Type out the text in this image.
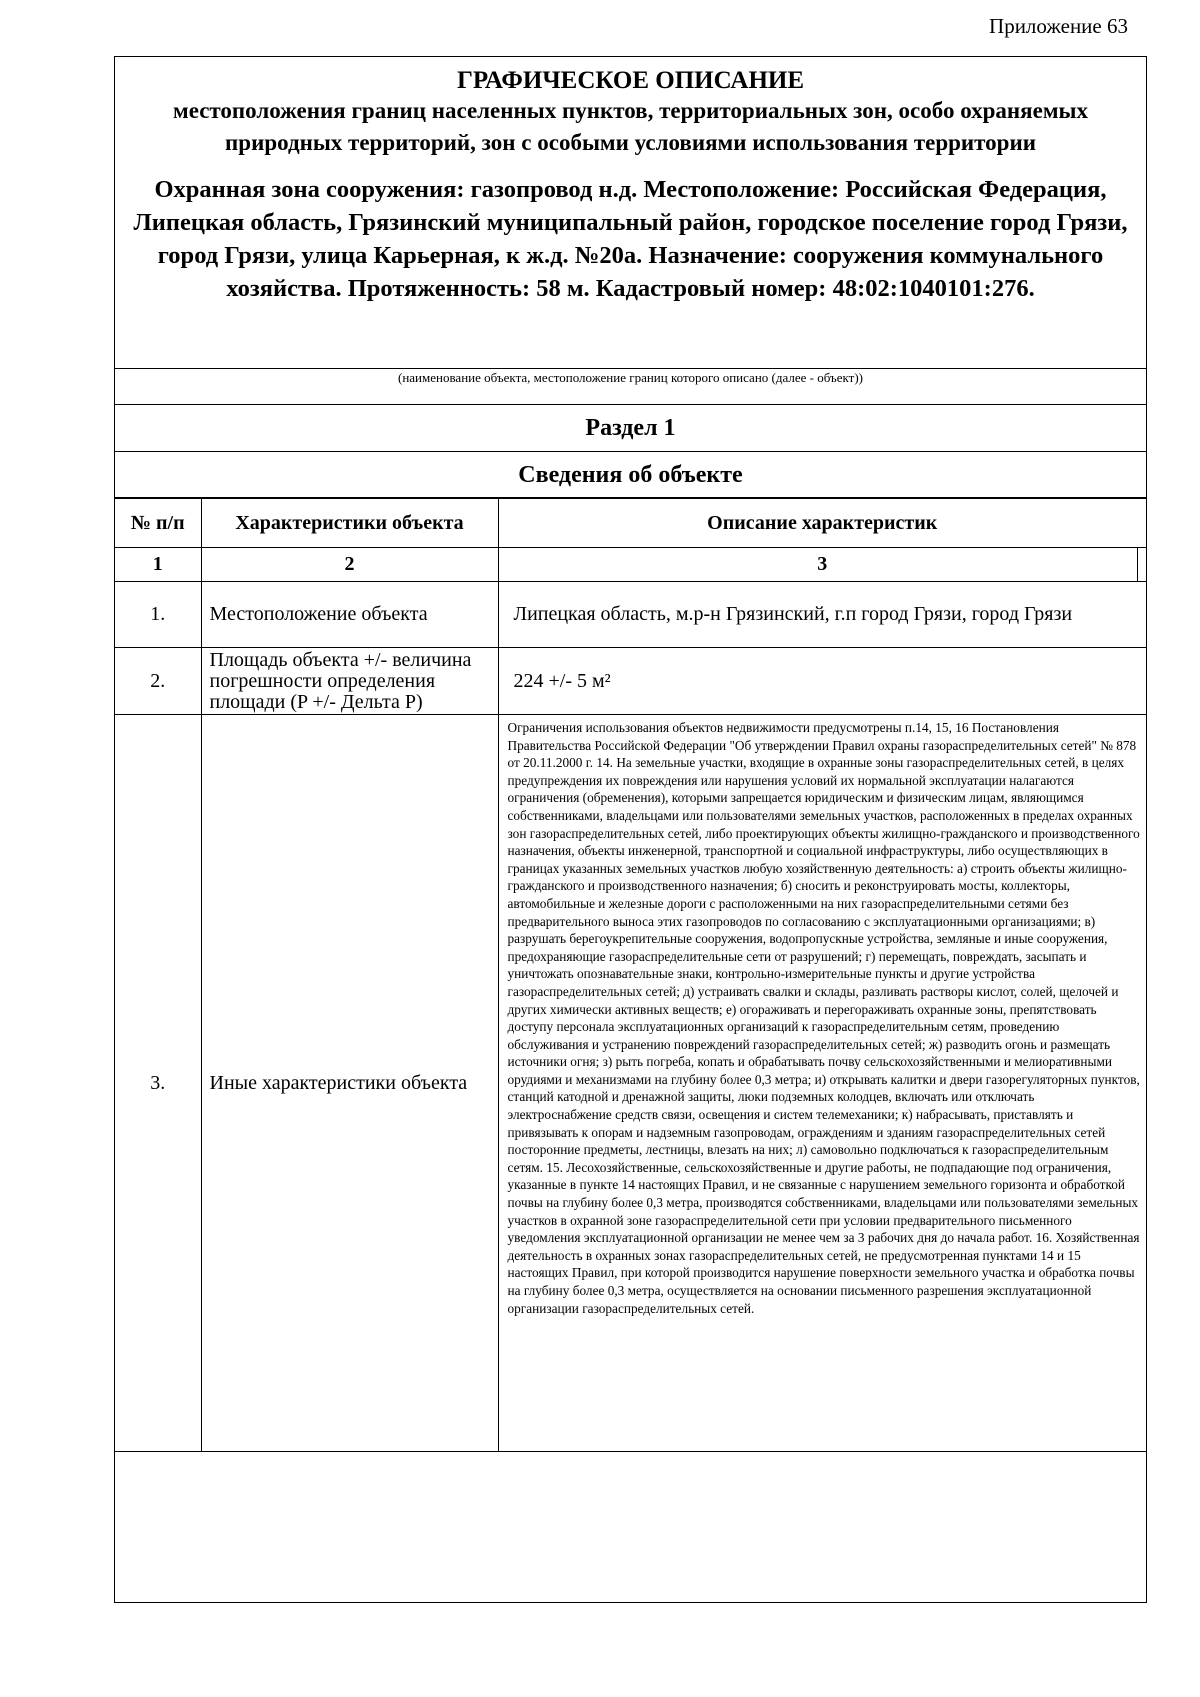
Приложение 63
ГРАФИЧЕСКОЕ ОПИСАНИЕ
местоположения границ населенных пунктов, территориальных зон, особо охраняемых природных территорий, зон с особыми условиями использования территории
Охранная зона сооружения: газопровод н.д. Местоположение: Российская Федерация, Липецкая область, Грязинский муниципальный район, городское поселение город Грязи, город Грязи, улица Карьерная, к ж.д. №20а. Назначение: сооружения коммунального хозяйства. Протяженность: 58 м. Кадастровый номер: 48:02:1040101:276.
(наименование объекта, местоположение границ которого описано (далее - объект))
Раздел 1
Сведения об объекте
№ п/п	Характеристики объекта	Описание характеристик
1	2	3

1.	Местоположение объекта	Липецкая область, м.р-н Грязинский, г.п город Грязи, город Грязи
2.	Площадь объекта +/- величина погрешности определения площади (P +/- Дельта P)	224 +/- 5 м²
3.	Иные характеристики объекта	Ограничения использования объектов недвижимости предусмотрены п.14, 15, 16 Постановления Правительства Российской Федерации "Об утверждении Правил охраны газораспределительных сетей" № 878 от 20.11.2000 г. 14. На земельные участки, входящие в охранные зоны газораспределительных сетей, в целях предупреждения их повреждения или нарушения условий их нормальной эксплуатации налагаются ограничения (обременения), которыми запрещается юридическим и физическим лицам, являющимся собственниками, владельцами или пользователями земельных участков, расположенных в пределах охранных зон газораспределительных сетей, либо проектирующих объекты жилищно-гражданского и производственного назначения, объекты инженерной, транспортной и социальной инфраструктуры, либо осуществляющих в границах указанных земельных участков любую хозяйственную деятельность: а) строить объекты жилищно-гражданского и производственного назначения; б) сносить и реконструировать мосты, коллекторы, автомобильные и железные дороги с расположенными на них газораспределительными сетями без предварительного выноса этих газопроводов по согласованию с эксплуатационными организациями; в) разрушать берегоукрепительные сооружения, водопропускные устройства, земляные и иные сооружения, предохраняющие газораспределительные сети от разрушений; г) перемещать, повреждать, засыпать и уничтожать опознавательные знаки, контрольно-измерительные пункты и другие устройства газораспределительных сетей; д) устраивать свалки и склады, разливать растворы кислот, солей, щелочей и других химически активных веществ; е) огораживать и перегораживать охранные зоны, препятствовать доступу персонала эксплуатационных организаций к газораспределительным сетям, проведению обслуживания и устранению повреждений газораспределительных сетей; ж) разводить огонь и размещать источники огня; з) рыть погреба, копать и обрабатывать почву сельскохозяйственными и мелиоративными орудиями и механизмами на глубину более 0,3 метра; и) открывать калитки и двери газорегуляторных пунктов, станций катодной и дренажной защиты, люки подземных колодцев, включать или отключать электроснабжение средств связи, освещения и систем телемеханики; к) набрасывать, приставлять и привязывать к опорам и надземным газопроводам, ограждениям и зданиям газораспределительных сетей посторонние предметы, лестницы, влезать на них; л) самовольно подключаться к газораспределительным сетям. 15. Лесохозяйственные, сельскохозяйственные и другие работы, не подпадающие под ограничения, указанные в пункте 14 настоящих Правил, и не связанные с нарушением земельного горизонта и обработкой почвы на глубину более 0,3 метра, производятся собственниками, владельцами или пользователями земельных участков в охранной зоне газораспределительной сети при условии предварительного письменного уведомления эксплуатационной организации не менее чем за 3 рабочих дня до начала работ. 16. Хозяйственная деятельность в охранных зонах газораспределительных сетей, не предусмотренная пунктами 14 и 15 настоящих Правил, при которой производится нарушение поверхности земельного участка и обработка почвы на глубину более 0,3 метра, осуществляется на основании письменного разрешения эксплуатационной организации газораспределительных сетей.
